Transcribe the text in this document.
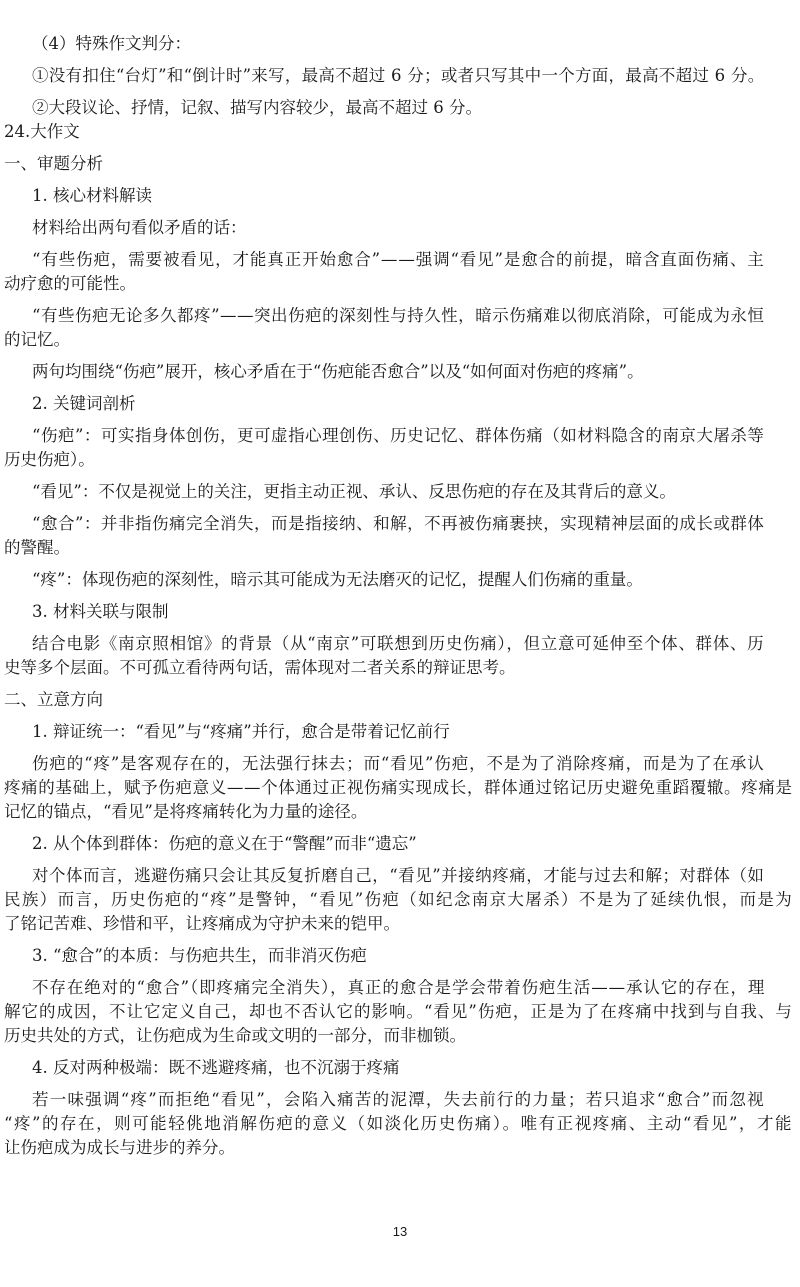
（4）特殊作文判分：
①没有扣住“台灯”和“倒计时”来写，最高不超过 6 分；或者只写其中一个方面，最高不超过 6 分。
②大段议论、抒情，记叙、描写内容较少，最高不超过 6 分。
24.大作文
一、审题分析
1. 核心材料解读
材料给出两句看似矛盾的话：
“有些伤疤，需要被看见，才能真正开始愈合”——强调“看见”是愈合的前提，暗含直面伤痛、主
动疗愈的可能性。
“有些伤疤无论多久都疼”——突出伤疤的深刻性与持久性，暗示伤痛难以彻底消除，可能成为永恒
的记忆。
两句均围绕“伤疤”展开，核心矛盾在于“伤疤能否愈合”以及“如何面对伤疤的疼痛”。
2. 关键词剖析
“伤疤”：可实指身体创伤，更可虚指心理创伤、历史记忆、群体伤痛（如材料隐含的南京大屠杀等
历史伤疤）。
“看见”：不仅是视觉上的关注，更指主动正视、承认、反思伤疤的存在及其背后的意义。
“愈合”：并非指伤痛完全消失，而是指接纳、和解，不再被伤痛裹挟，实现精神层面的成长或群体
的警醒。
“疼”：体现伤疤的深刻性，暗示其可能成为无法磨灭的记忆，提醒人们伤痛的重量。
3. 材料关联与限制
结合电影《南京照相馆》的背景（从“南京”可联想到历史伤痛），但立意可延伸至个体、群体、历
史等多个层面。不可孤立看待两句话，需体现对二者关系的辩证思考。
二、立意方向
1. 辩证统一：“看见”与“疼痛”并行，愈合是带着记忆前行
伤疤的“疼”是客观存在的，无法强行抹去；而“看见”伤疤，不是为了消除疼痛，而是为了在承认
疼痛的基础上，赋予伤疤意义——个体通过正视伤痛实现成长，群体通过铭记历史避免重蹈覆辙。疼痛是
记忆的锚点，“看见”是将疼痛转化为力量的途径。
2. 从个体到群体：伤疤的意义在于“警醒”而非“遗忘”
对个体而言，逃避伤痛只会让其反复折磨自己，“看见”并接纳疼痛，才能与过去和解；对群体（如
民族）而言，历史伤疤的“疼”是警钟，“看见”伤疤（如纪念南京大屠杀）不是为了延续仇恨，而是为
了铭记苦难、珍惜和平，让疼痛成为守护未来的铠甲。
3. “愈合”的本质：与伤疤共生，而非消灭伤疤
不存在绝对的“愈合”（即疼痛完全消失），真正的愈合是学会带着伤疤生活——承认它的存在，理
解它的成因，不让它定义自己，却也不否认它的影响。“看见”伤疤，正是为了在疼痛中找到与自我、与
历史共处的方式，让伤疤成为生命或文明的一部分，而非枷锁。
4. 反对两种极端：既不逃避疼痛，也不沉溺于疼痛
若一味强调“疼”而拒绝“看见”，会陷入痛苦的泥潭，失去前行的力量；若只追求“愈合”而忽视
“疼”的存在，则可能轻佻地消解伤疤的意义（如淡化历史伤痛）。唯有正视疼痛、主动“看见”，才能
让伤疤成为成长与进步的养分。
13
